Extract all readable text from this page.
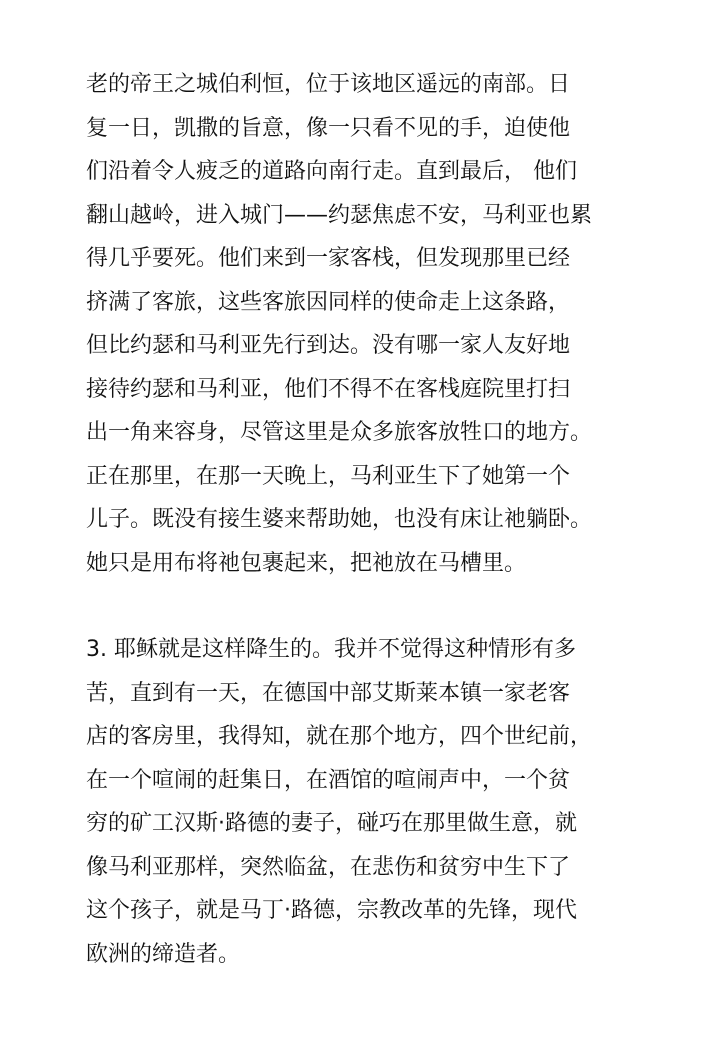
老的帝王之城伯利恒，位于该地区遥远的南部。日
复一日，凯撒的旨意，像一只看不见的手，迫使他
们沿着令人疲乏的道路向南行走。直到最后， 他们
翻山越岭，进入城门——约瑟焦虑不安，马利亚也累
得几乎要死。他们来到一家客栈，但发现那里已经
挤满了客旅，这些客旅因同样的使命走上这条路，
但比约瑟和马利亚先行到达。没有哪一家人友好地
接待约瑟和马利亚，他们不得不在客栈庭院里打扫
出一角来容身，尽管这里是众多旅客放牲口的地方。
正在那里，在那一天晚上，马利亚生下了她第一个
儿子。既没有接生婆来帮助她，也没有床让祂躺卧。
她只是用布将祂包裹起来，把祂放在马槽里。
3. 耶稣就是这样降生的。我并不觉得这种情形有多
苦，直到有一天，在德国中部艾斯莱本镇一家老客
店的客房里，我得知，就在那个地方，四个世纪前，
在一个喧闹的赶集日，在酒馆的喧闹声中，一个贫
穷的矿工汉斯·路德的妻子，碰巧在那里做生意，就
像马利亚那样，突然临盆，在悲伤和贫穷中生下了
这个孩子，就是马丁·路德，宗教改革的先锋，现代
欧洲的缔造者。
